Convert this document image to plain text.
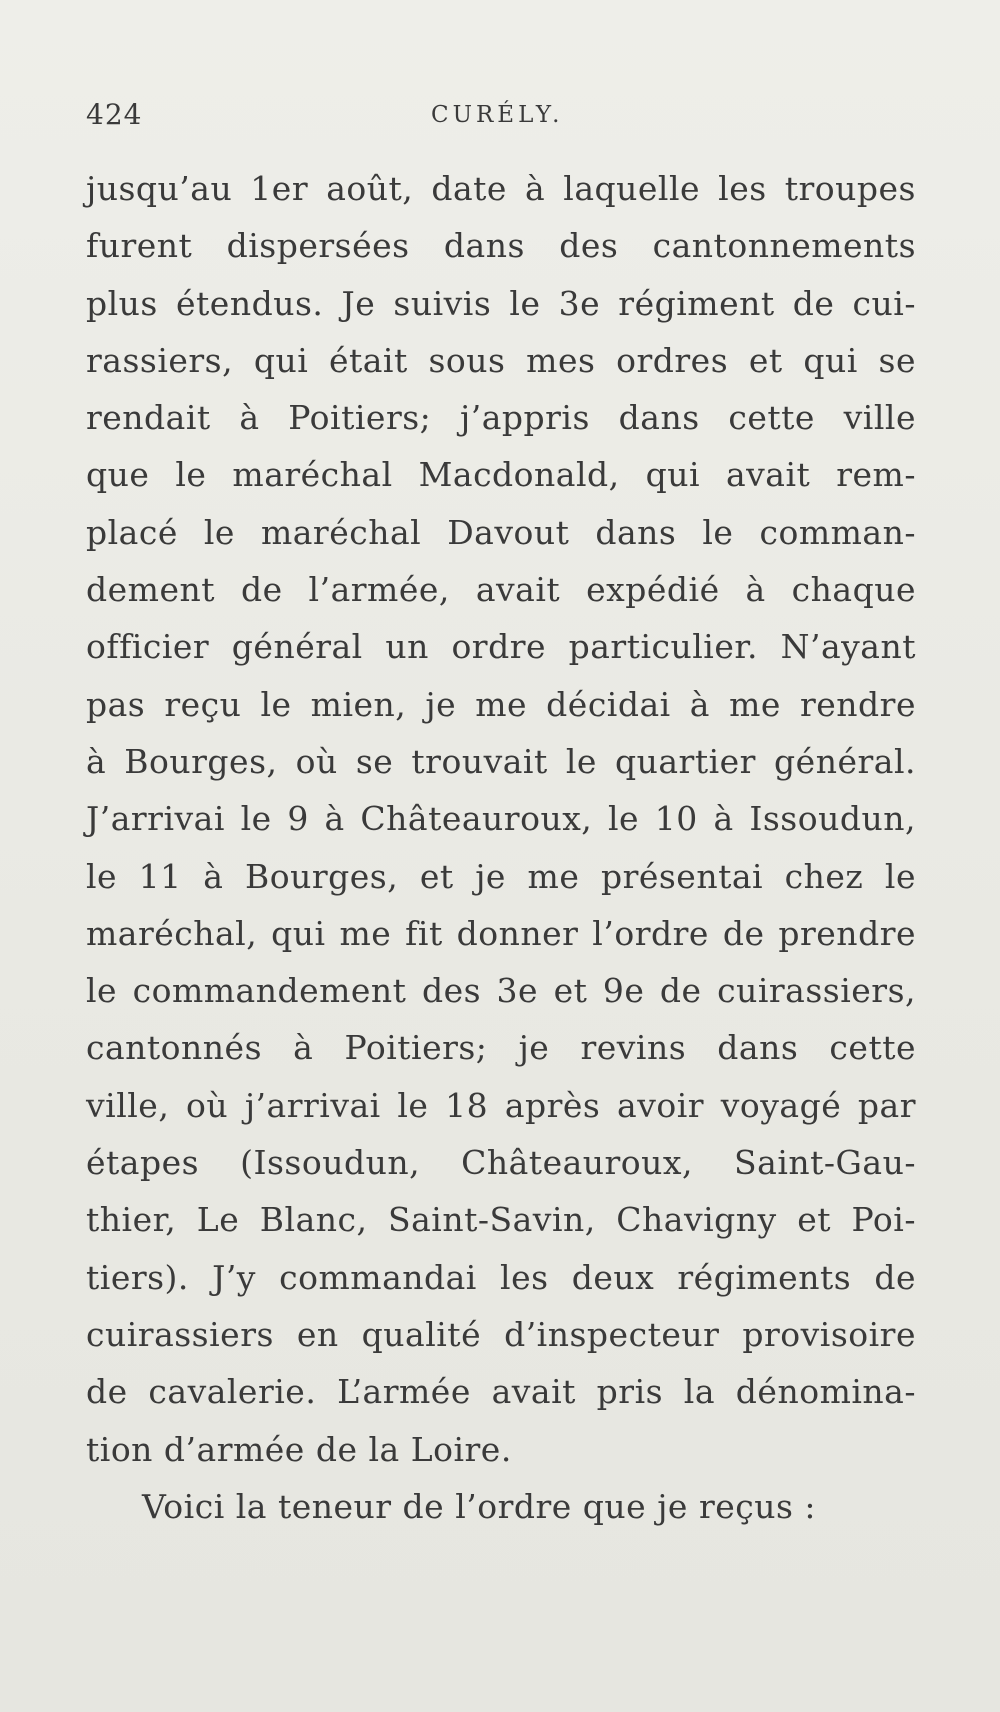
424	CURÉLY.
jusqu’au 1er août, date à laquelle les troupes
furent dispersées dans des cantonnements
plus étendus. Je suivis le 3e régiment de cui-
rassiers, qui était sous mes ordres et qui se
rendait à Poitiers; j’appris dans cette ville
que le maréchal Macdonald, qui avait rem-
placé le maréchal Davout dans le comman-
dement de l’armée, avait expédié à chaque
officier général un ordre particulier. N’ayant
pas reçu le mien, je me décidai à me rendre
à Bourges, où se trouvait le quartier général.
J’arrivai le 9 à Châteauroux, le 10 à Issoudun,
le 11 à Bourges, et je me présentai chez le
maréchal, qui me fit donner l’ordre de prendre
le commandement des 3e et 9e de cuirassiers,
cantonnés à Poitiers; je revins dans cette
ville, où j’arrivai le 18 après avoir voyagé par
étapes (Issoudun, Châteauroux, Saint-Gau-
thier, Le Blanc, Saint-Savin, Chavigny et Poi-
tiers). J’y commandai les deux régiments de
cuirassiers en qualité d’inspecteur provisoire
de cavalerie. L’armée avait pris la dénomina-
tion d’armée de la Loire.
Voici la teneur de l’ordre que je reçus :
